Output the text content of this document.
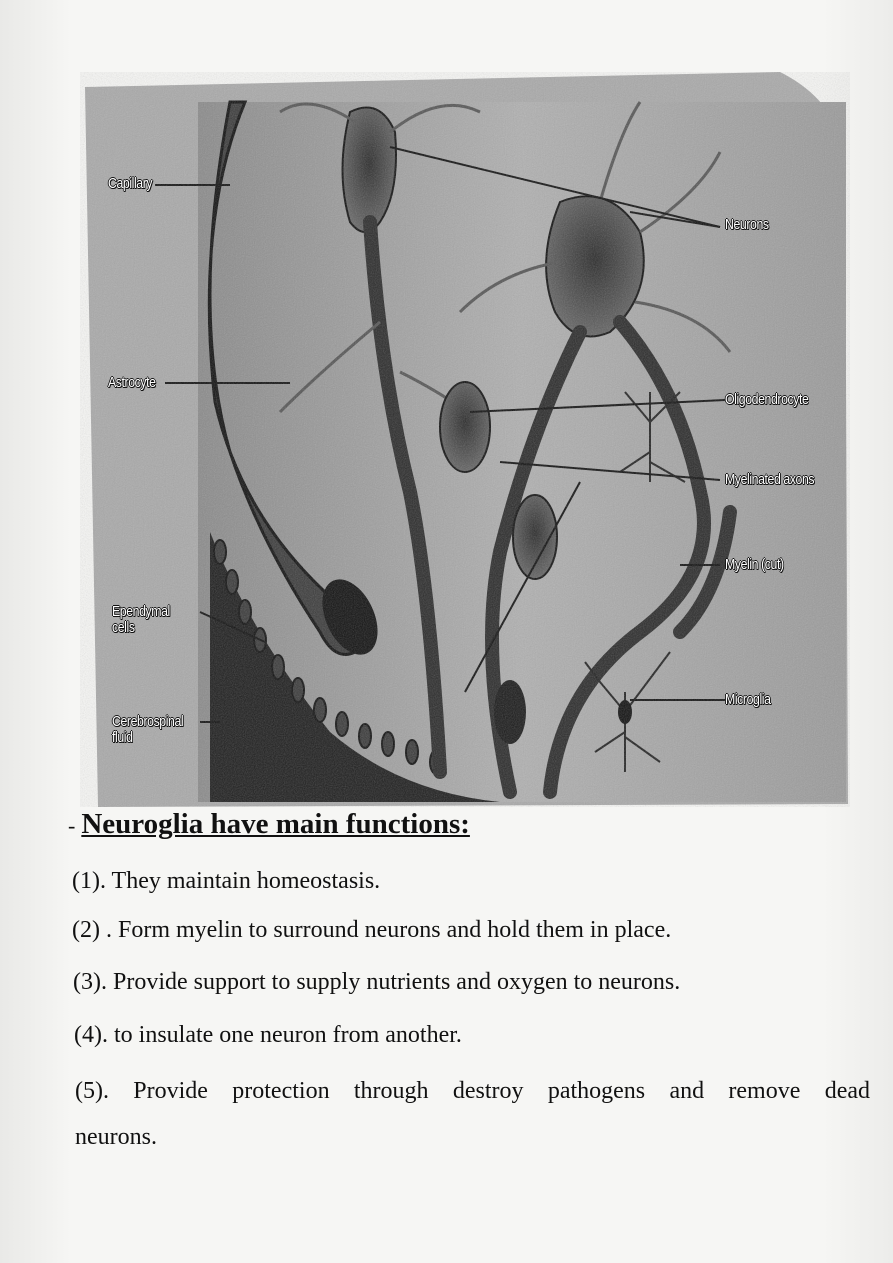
Capillary
Neurons
Astrocyte
Oligodendrocyte
Myelinated axons
Myelin (cut)
Ependymal cells
Microglia
Cerebrospinal fluid
- Neuroglia have main functions:
(1). They maintain homeostasis.
(2) . Form myelin to surround neurons and hold them in place.
(3). Provide support to supply nutrients and oxygen to neurons.
(4). to insulate one neuron from another.
(5). Provide protection through destroy pathogens and remove dead neurons.
